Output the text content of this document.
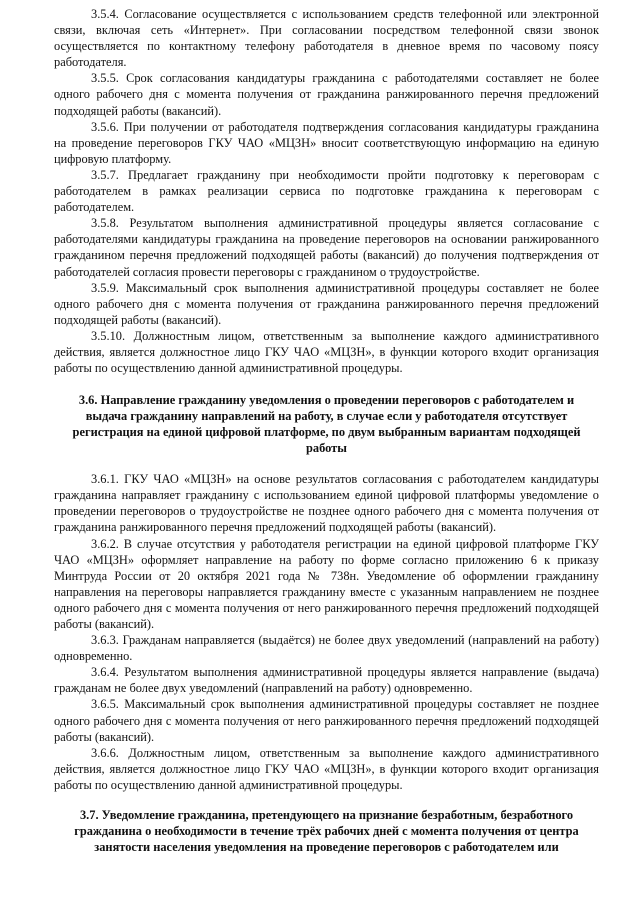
3.5.4. Согласование осуществляется с использованием средств телефонной или электронной связи, включая сеть «Интернет». При согласовании посредством телефонной связи звонок осуществляется по контактному телефону работодателя в дневное время по часовому поясу работодателя.

3.5.5. Срок согласования кандидатуры гражданина с работодателями составляет не более одного рабочего дня с момента получения от гражданина ранжированного перечня предложений подходящей работы (вакансий).

3.5.6. При получении от работодателя подтверждения согласования кандидатуры гражданина на проведение переговоров ГКУ ЧАО «МЦЗН» вносит соответствующую информацию на единую цифровую платформу.

3.5.7. Предлагает гражданину при необходимости пройти подготовку к переговорам с работодателем в рамках реализации сервиса по подготовке гражданина к переговорам с работодателем.

3.5.8. Результатом выполнения административной процедуры является согласование с работодателями кандидатуры гражданина на проведение переговоров на основании ранжированного гражданином перечня предложений подходящей работы (вакансий) до получения подтверждения от работодателей согласия провести переговоры с гражданином о трудоустройстве.

3.5.9. Максимальный срок выполнения административной процедуры составляет не более одного рабочего дня с момента получения от гражданина ранжированного перечня предложений подходящей работы (вакансий).

3.5.10. Должностным лицом, ответственным за выполнение каждого административного действия, является должностное лицо ГКУ ЧАО «МЦЗН», в функции которого входит организация работы по осуществлению данной административной процедуры.

3.6. Направление гражданину уведомления о проведении переговоров с работодателем и выдача гражданину направлений на работу, в случае если у работодателя отсутствует регистрация на единой цифровой платформе, по двум выбранным вариантам подходящей работы

3.6.1. ГКУ ЧАО «МЦЗН» на основе результатов согласования с работодателем кандидатуры гражданина направляет гражданину с использованием единой цифровой платформы уведомление о проведении переговоров о трудоустройстве не позднее одного рабочего дня с момента получения от гражданина ранжированного перечня предложений подходящей работы (вакансий).

3.6.2. В случае отсутствия у работодателя регистрации на единой цифровой платформе ГКУ ЧАО «МЦЗН» оформляет направление на работу по форме согласно приложению 6 к приказу Минтруда России от 20 октября 2021 года № 738н. Уведомление об оформлении гражданину направления на переговоры направляется гражданину вместе с указанным направлением не позднее одного рабочего дня с момента получения от него ранжированного перечня предложений подходящей работы (вакансий).

3.6.3. Гражданам направляется (выдаётся) не более двух уведомлений (направлений на работу) одновременно.

3.6.4. Результатом выполнения административной процедуры является направление (выдача) гражданам не более двух уведомлений (направлений на работу) одновременно.

3.6.5. Максимальный срок выполнения административной процедуры составляет не позднее одного рабочего дня с момента получения от него ранжированного перечня предложений подходящей работы (вакансий).

3.6.6. Должностным лицом, ответственным за выполнение каждого административного действия, является должностное лицо ГКУ ЧАО «МЦЗН», в функции которого входит организация работы по осуществлению данной административной процедуры.

3.7. Уведомление гражданина, претендующего на признание безработным, безработного гражданина о необходимости в течение трёх рабочих дней с момента получения от центра занятости населения уведомления на проведение переговоров с работодателем или
